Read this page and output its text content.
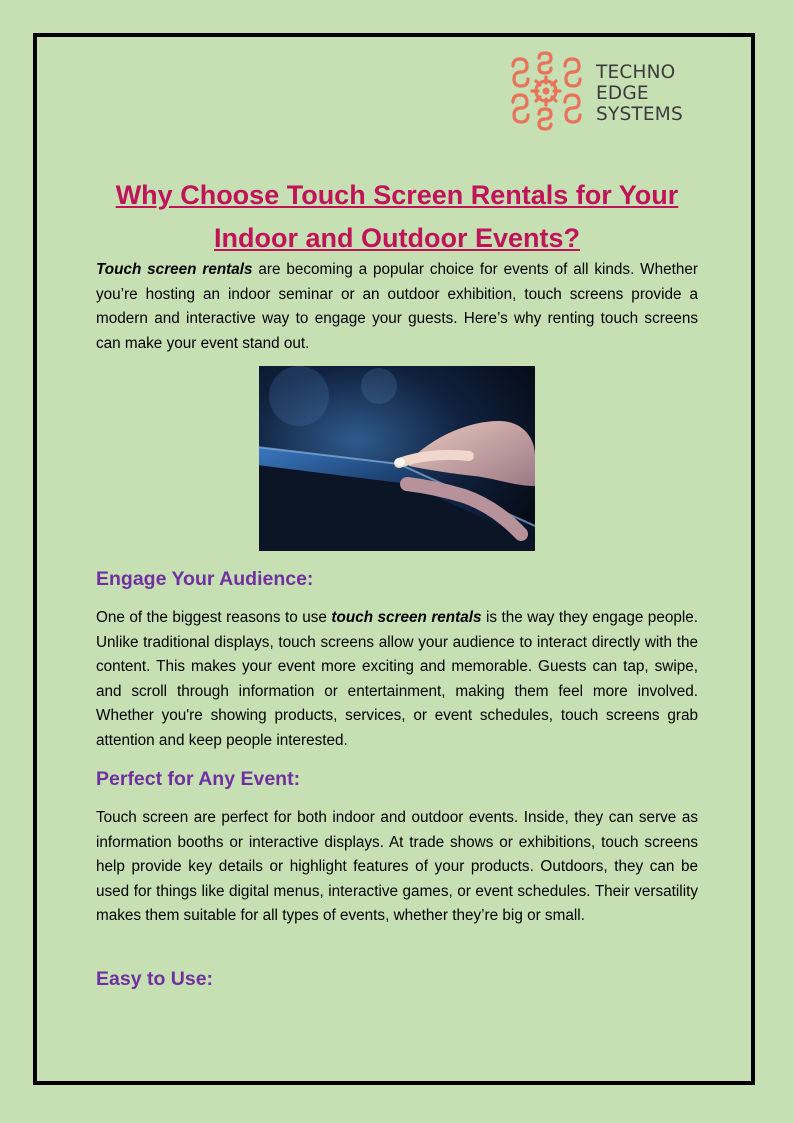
TECHNO
EDGE
SYSTEMS
Why Choose Touch Screen Rentals for Your Indoor and Outdoor Events?

Touch screen rentals are becoming a popular choice for events of all kinds. Whether you’re hosting an indoor seminar or an outdoor exhibition, touch screens provide a modern and interactive way to engage your guests. Here’s why renting touch screens can make your event stand out.

Engage Your Audience:

One of the biggest reasons to use touch screen rentals is the way they engage people. Unlike traditional displays, touch screens allow your audience to interact directly with the content. This makes your event more exciting and memorable. Guests can tap, swipe, and scroll through information or entertainment, making them feel more involved. Whether you're showing products, services, or event schedules, touch screens grab attention and keep people interested.

Perfect for Any Event:

Touch screen are perfect for both indoor and outdoor events. Inside, they can serve as information booths or interactive displays. At trade shows or exhibitions, touch screens help provide key details or highlight features of your products. Outdoors, they can be used for things like digital menus, interactive games, or event schedules. Their versatility makes them suitable for all types of events, whether they’re big or small.

Easy to Use:
